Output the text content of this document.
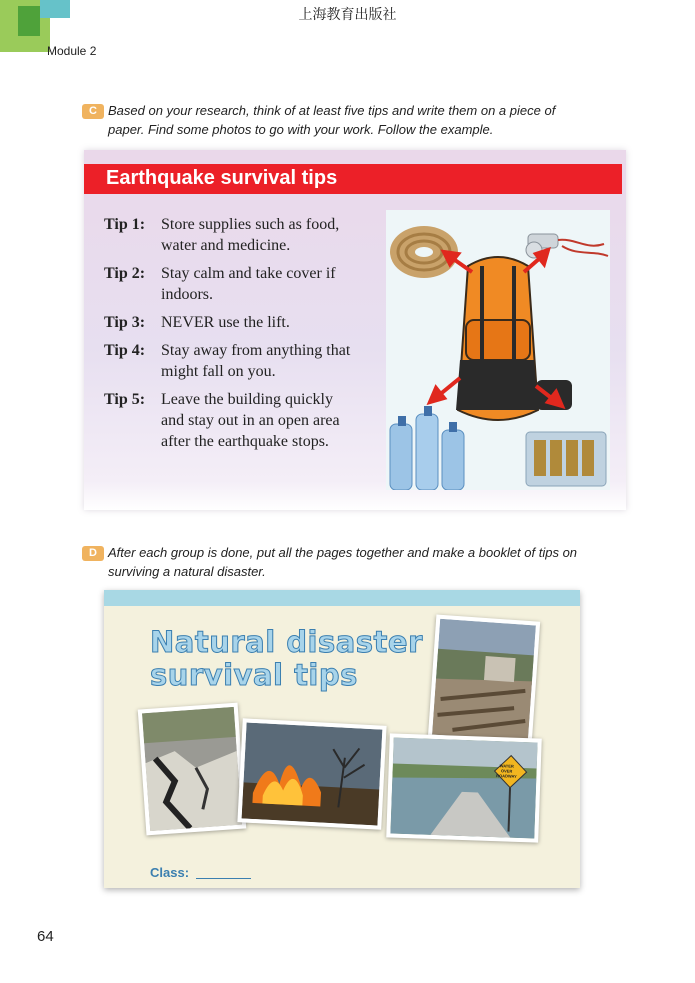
上海教育出版社
Module 2
C Based on your research, think of at least five tips and write them on a piece of
paper. Find some photos to go with your work. Follow the example.
Earthquake survival tips
Tip 1: Store supplies such as food,
water and medicine.
Tip 2: Stay calm and take cover if
indoors.
Tip 3: NEVER use the lift.
Tip 4: Stay away from anything that
might fall on you.
Tip 5: Leave the building quickly
and stay out in an open area
after the earthquake stops.
D After each group is done, put all the pages together and make a booklet of tips on
surviving a natural disaster.
Natural disaster
survival tips
WATER OVER ROADWAY
Class:
64
